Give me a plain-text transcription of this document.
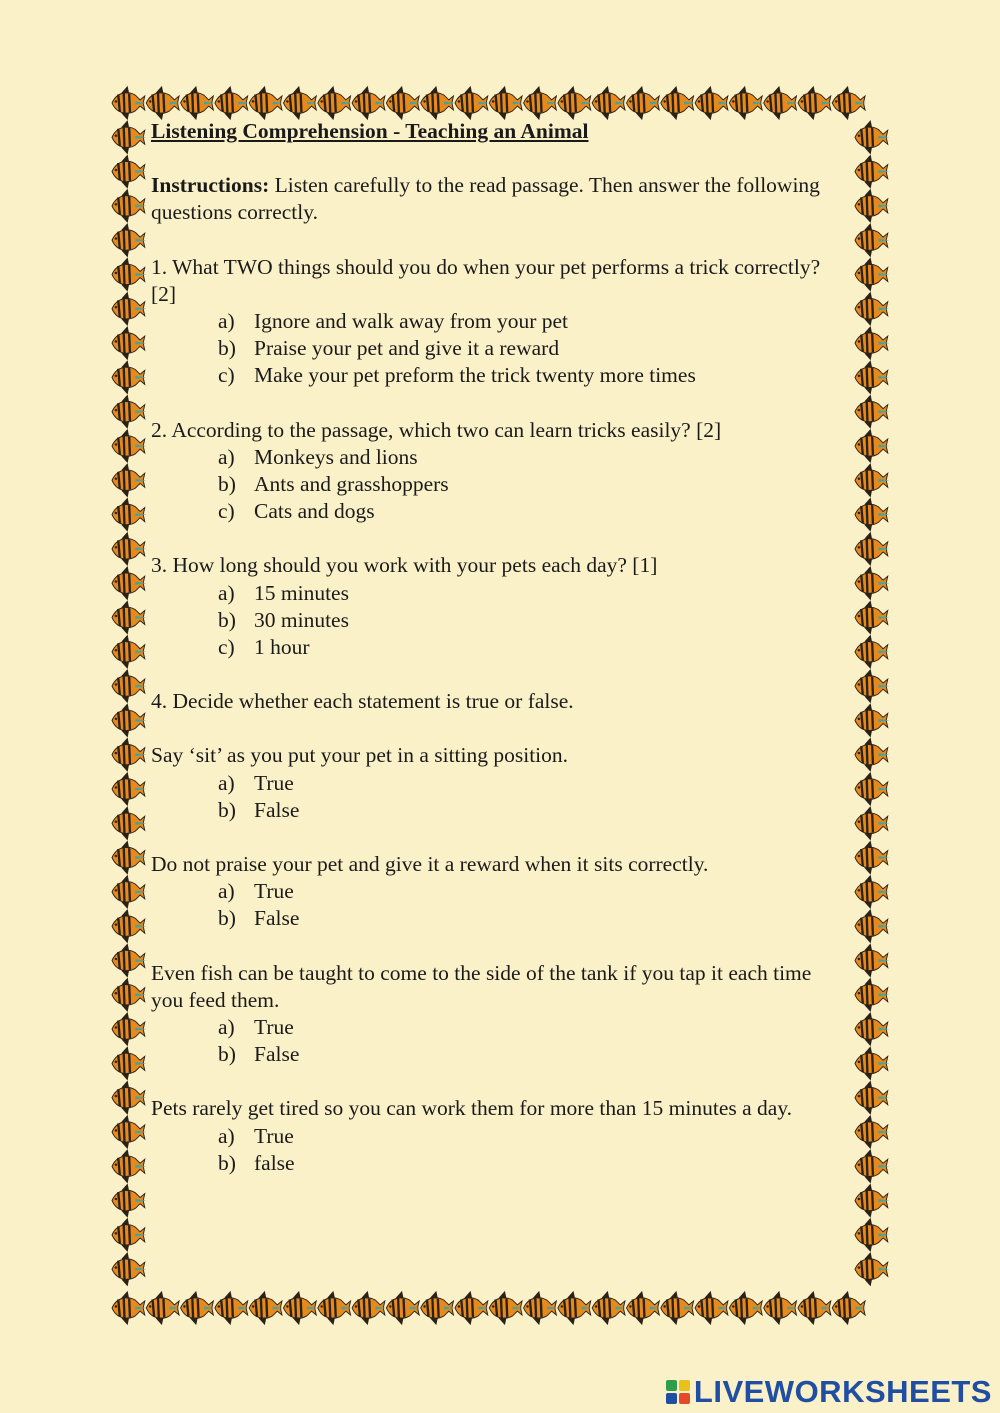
Listening Comprehension - Teaching an Animal

Instructions: Listen carefully to the read passage. Then answer the following questions correctly.

1. What TWO things should you do when your pet performs a trick correctly? [2]

a) Ignore and walk away from your pet
b) Praise your pet and give it a reward
c) Make your pet preform the trick twenty more times

2. According to the passage, which two can learn tricks easily? [2]

a) Monkeys and lions
b) Ants and grasshoppers
c) Cats and dogs

3. How long should you work with your pets each day? [1]

a) 15 minutes
b) 30 minutes
c) 1 hour

4. Decide whether each statement is true or false.

Say ‘sit’ as you put your pet in a sitting position.

a) True
b) False

Do not praise your pet and give it a reward when it sits correctly.

a) True
b) False

Even fish can be taught to come to the side of the tank if you tap it each time you feed them.

a) True
b) False

Pets rarely get tired so you can work them for more than 15 minutes a day.

a) True
b) false
LIVEWORKSHEETS
